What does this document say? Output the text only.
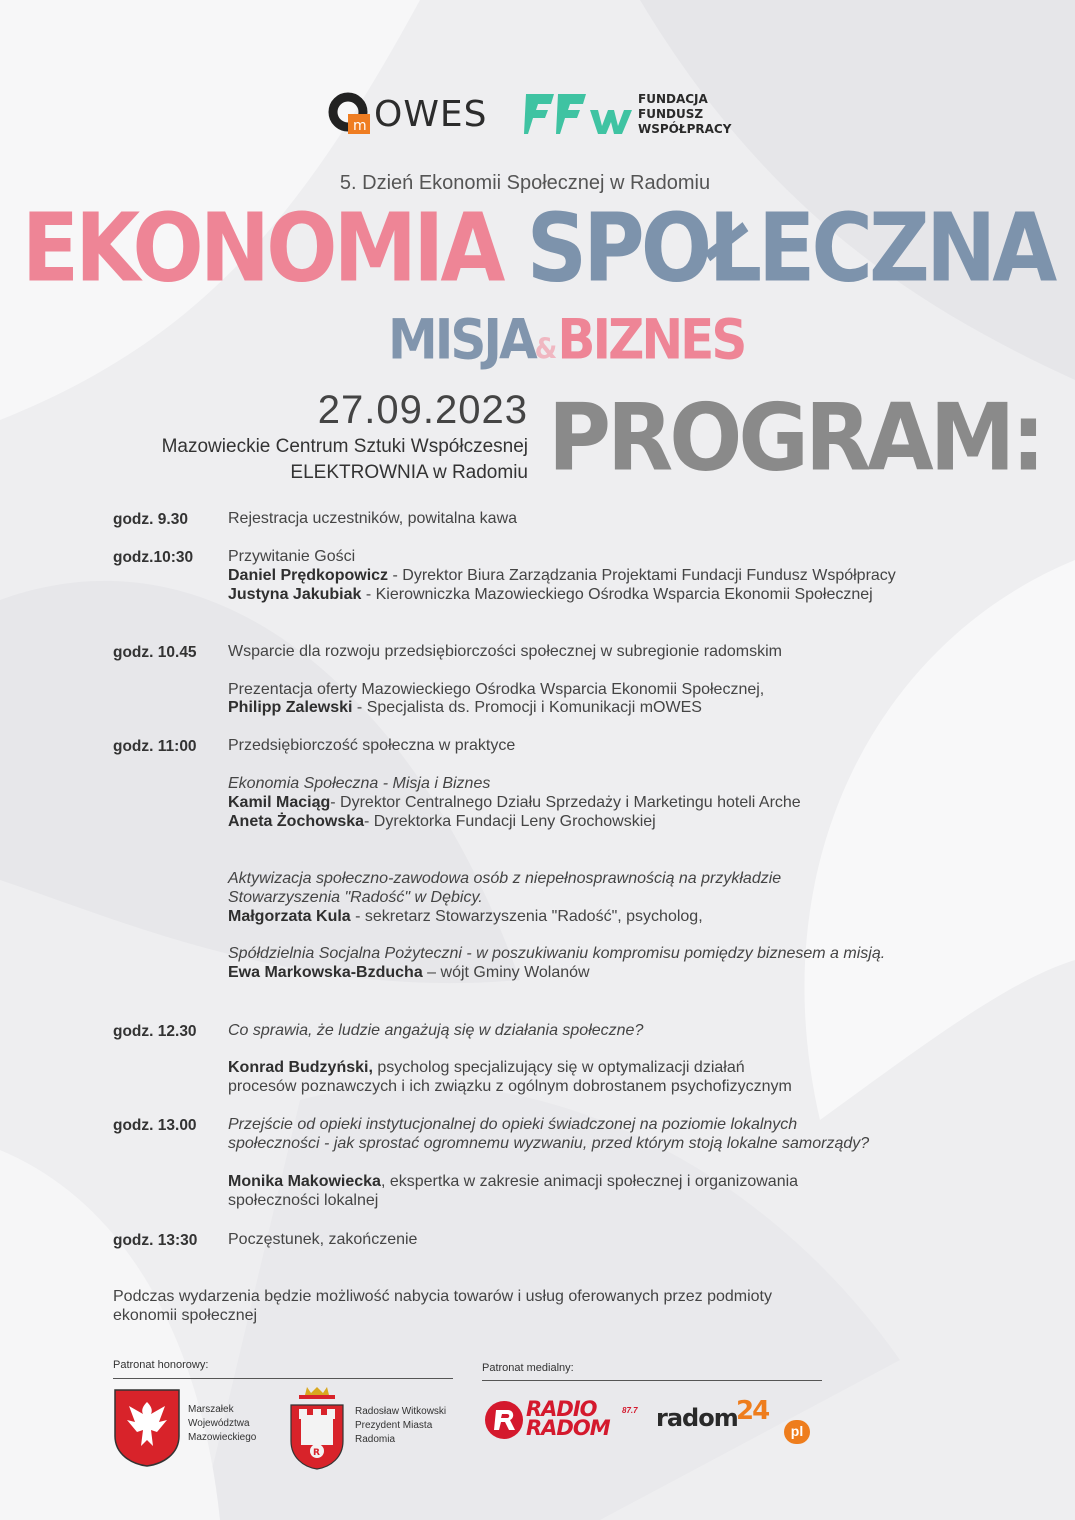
m OWES	FUNDACJA
FUNDUSZ
WSPÓŁPRACY
5. Dzień Ekonomii Społecznej w Radomiu
EKONOMIA SPOŁECZNA
MISJA&BIZNES
27.09.2023
Mazowieckie Centrum Sztuki Współczesnej
ELEKTROWNIA w Radomiu PROGRAM:
godz. 9.30	Rejestracja uczestników, powitalna kawa
godz.10:30 Przywitanie Gości
Daniel Prędkopowicz - Dyrektor Biura Zarządzania Projektami Fundacji Fundusz Współpracy
Justyna Jakubiak - Kierowniczka Mazowieckiego Ośrodka Wsparcia Ekonomii Społecznej
godz. 10.45 Wsparcie dla rozwoju przedsiębiorczości społecznej w subregionie radomskim
Prezentacja oferty Mazowieckiego Ośrodka Wsparcia Ekonomii Społecznej,
Philipp Zalewski - Specjalista ds. Promocji i Komunikacji mOWES
godz. 11:00 Przedsiębiorczość społeczna w praktyce
Ekonomia Społeczna - Misja i Biznes
Kamil Maciąg- Dyrektor Centralnego Działu Sprzedaży i Marketingu hoteli Arche
Aneta Żochowska- Dyrektorka Fundacji Leny Grochowskiej
Aktywizacja społeczno-zawodowa osób z niepełnosprawnością na przykładzie
Stowarzyszenia "Radość" w Dębicy.
Małgorzata Kula - sekretarz Stowarzyszenia "Radość", psycholog,
Spółdzielnia Socjalna Pożyteczni - w poszukiwaniu kompromisu pomiędzy biznesem a misją.
Ewa Markowska-Bzducha – wójt Gminy Wolanów
godz. 12.30 Co sprawia, że ludzie angażują się w działania społeczne?
Konrad Budzyński, psycholog specjalizujący się w optymalizacji działań
procesów poznawczych i ich związku z ogólnym dobrostanem psychofizycznym
godz. 13.00 Przejście od opieki instytucjonalnej do opieki świadczonej na poziomie lokalnych
społeczności - jak sprostać ogromnemu wyzwaniu, przed którym stoją lokalne samorządy?
Monika Makowiecka, ekspertka w zakresie animacji społecznej i organizowania
społeczności lokalnej
godz. 13:30 Poczęstunek, zakończenie
Podczas wydarzenia będzie możliwość nabycia towarów i usług oferowanych przez podmioty
ekonomii społecznej
Patronat honorowy:	Patronat medialny:
Marszałek
Województwa
Mazowieckiego
R
Radosław Witkowski
Prezydent Miasta
Radomia
RADIO
RADOM
87.7 radom
24
pl
